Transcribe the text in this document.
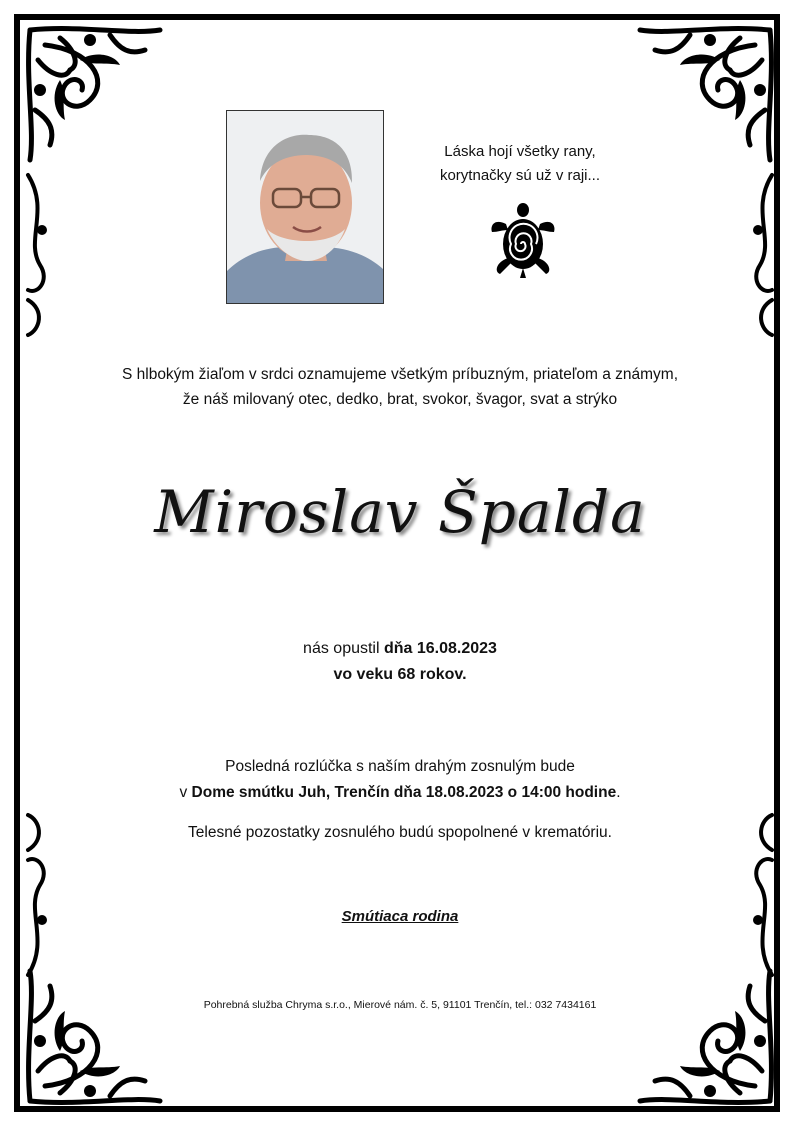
Láska hojí všetky rany,
korytnačky sú už v raji...
S hlbokým žiaľom v srdci oznamujeme všetkým príbuzným, priateľom a známym,
že náš milovaný otec, dedko, brat, svokor, švagor, svat a strýko
Miroslav Špalda
nás opustil dňa 16.08.2023
vo veku 68 rokov.
Posledná rozlúčka s naším drahým zosnulým bude
v Dome smútku Juh, Trenčín dňa 18.08.2023 o 14:00 hodine.
Telesné pozostatky zosnulého budú spopolnené v krematóriu.
Smútiaca rodina
Pohrebná služba Chryma s.r.o., Mierové nám. č. 5, 91101 Trenčín, tel.: 032 7434161
